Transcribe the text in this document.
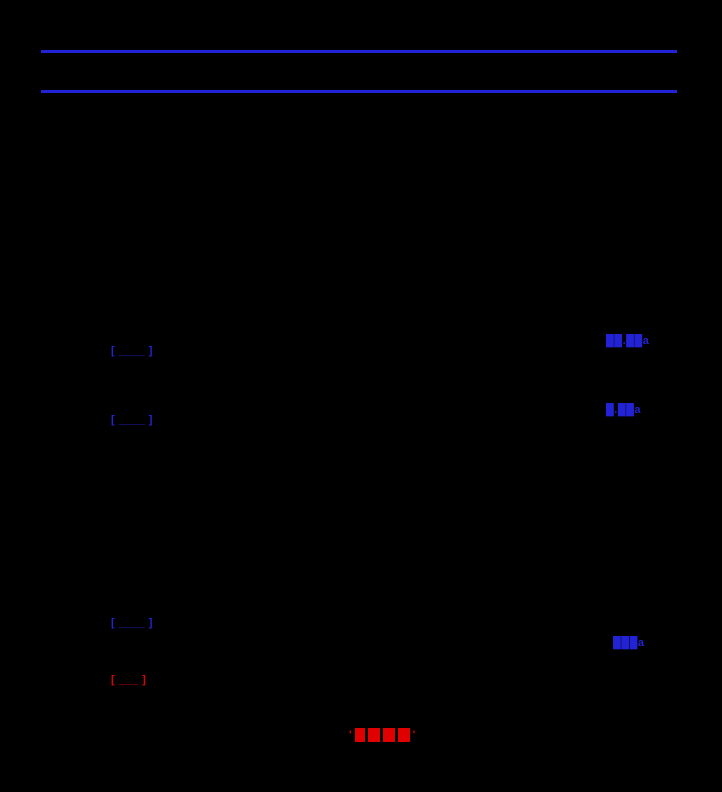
[ ____ ]
[ ____ ]
[ ____ ]
[ ___ ]
██.██a
█.██a
███a
'	'
